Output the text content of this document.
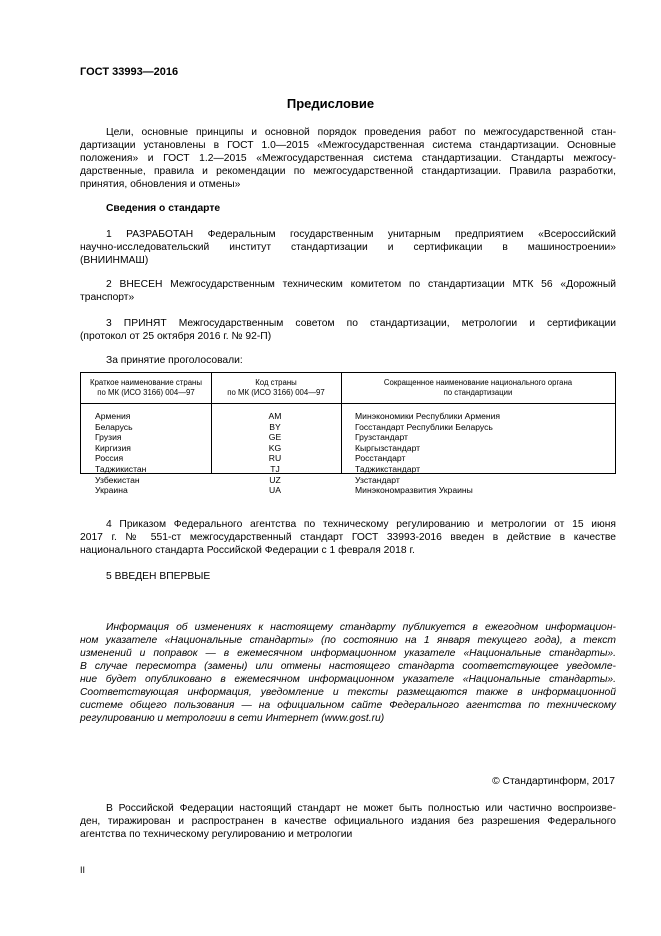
ГОСТ 33993—2016
Предисловие
Цели, основные принципы и основной порядок проведения работ по межгосударственной стан-
дартизации установлены в ГОСТ 1.0—2015 «Межгосударственная система стандартизации. Основные
положения» и ГОСТ 1.2—2015 «Межгосударственная система стандартизации. Стандарты межгосу-
дарственные, правила и рекомендации по межгосударственной стандартизации. Правила разработки,
принятия, обновления и отмены»
Сведения о стандарте
1 РАЗРАБОТАН Федеральным государственным унитарным предприятием «Всероссийский
научно-исследовательский институт стандартизации и сертификации в машиностроении»
(ВНИИНМАШ)
2 ВНЕСЕН Межгосударственным техническим комитетом по стандартизации МТК 56 «Дорожный
транспорт»
3 ПРИНЯТ Межгосударственным советом по стандартизации, метрологии и сертификации
(протокол от 25 октября 2016 г. № 92-П)
За принятие проголосовали:
Краткое наименование страны
по МК (ИСО 3166) 004—97
Код страны
по МК (ИСО 3166) 004—97
Сокращенное наименование национального органа
по стандартизации
Армения	AM	Минэкономики Республики Армения
Беларусь	BY	Госстандарт Республики Беларусь
Грузия	GE	Грузстандарт
Киргизия	KG	Кыргызстандарт
Россия	RU	Росстандарт
Таджикистан	TJ	Таджикстандарт
Узбекистан	UZ	Узстандарт
Украина	UA	Минэкономразвития Украины
4 Приказом Федерального агентства по техническому регулированию и метрологии от 15 июня
2017 г. № 551-ст межгосударственный стандарт ГОСТ 33993-2016 введен в действие в качестве
национального стандарта Российской Федерации с 1 февраля 2018 г.
5 ВВЕДЕН ВПЕРВЫЕ
Информация об изменениях к настоящему стандарту публикуется в ежегодном информацион-
ном указателе «Национальные стандарты» (по состоянию на 1 января текущего года), а текст
изменений и поправок — в ежемесячном информационном указателе «Национальные стандарты».
В случае пересмотра (замены) или отмены настоящего стандарта соответствующее уведомле-
ние будет опубликовано в ежемесячном информационном указателе «Национальные стандарты».
Соответствующая информация, уведомление и тексты размещаются также в информационной
системе общего пользования — на официальном сайте Федерального агентства по техническому
регулированию и метрологии в сети Интернет (www.gost.ru)
© Стандартинформ, 2017
В Российской Федерации настоящий стандарт не может быть полностью или частично воспроизве-
ден, тиражирован и распространен в качестве официального издания без разрешения Федерального
агентства по техническому регулированию и метрологии
II
